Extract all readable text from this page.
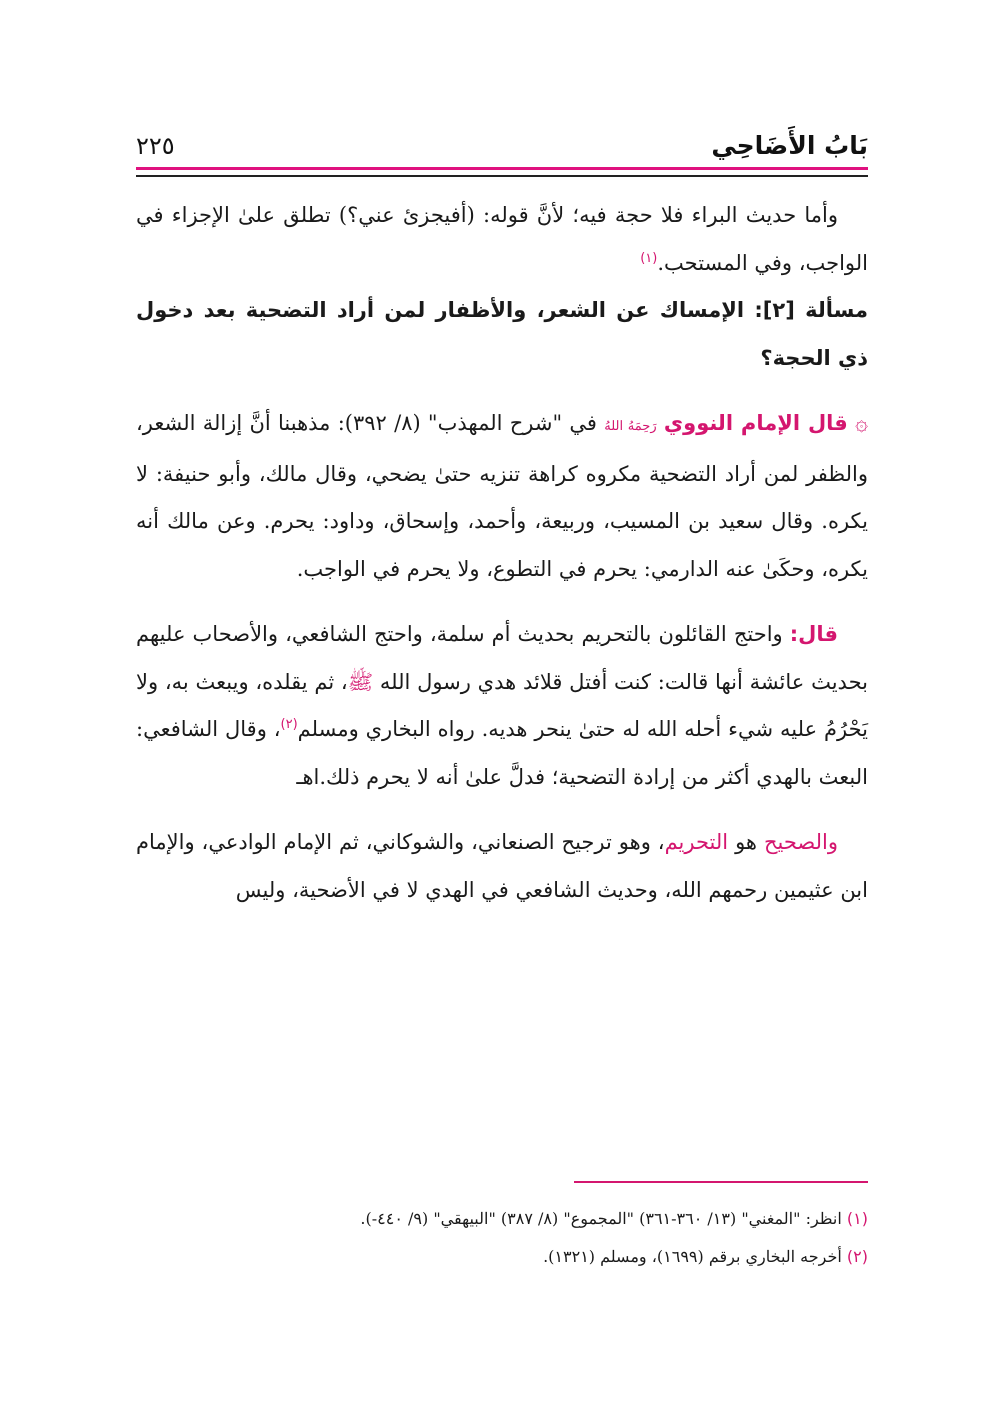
بَابُ الأَضَاحِي
٢٢٥

وأما حديث البراء فلا حجة فيه؛ لأنَّ قوله: (أفيجزئ عني؟) تطلق علىٰ الإجزاء في الواجب، وفي المستحب.$^{(١)}$

مسألة [٢]: الإمساك عن الشعر، والأظفار لمن أراد التضحية بعد دخول ذي الحجة؟

۞ قال الإمام النووي رَحِمَهُ اللهُ في "شرح المهذب" (٨/ ٣٩٢): مذهبنا أنَّ إزالة الشعر، والظفر لمن أراد التضحية مكروه كراهة تنزيه حتىٰ يضحي، وقال مالك، وأبو حنيفة: لا يكره. وقال سعيد بن المسيب، وربيعة، وأحمد، وإسحاق، وداود: يحرم. وعن مالك أنه يكره، وحكَىٰ عنه الدارمي: يحرم في التطوع، ولا يحرم في الواجب.

قال: واحتج القائلون بالتحريم بحديث أم سلمة، واحتج الشافعي، والأصحاب عليهم بحديث عائشة أنها قالت: كنت أفتل قلائد هدي رسول الله ﷺ، ثم يقلده، ويبعث به، ولا يَحْرُمُ عليه شيء أحله الله له حتىٰ ينحر هديه. رواه البخاري ومسلم$^{(٢)}$، وقال الشافعي: البعث بالهدي أكثر من إرادة التضحية؛ فدلَّ علىٰ أنه لا يحرم ذلك.اهـ

والصحيح هو التحريم، وهو ترجيح الصنعاني، والشوكاني، ثم الإمام الوادعي، والإمام ابن عثيمين رحمهم الله، وحديث الشافعي في الهدي لا في الأضحية، وليس

(١) انظر: "المغني" (١٣/ ٣٦٠-٣٦١) "المجموع" (٨/ ٣٨٧) "البيهقي" (٩/ ٤٤٠-).

(٢) أخرجه البخاري برقم (١٦٩٩)، ومسلم (١٣٢١).
